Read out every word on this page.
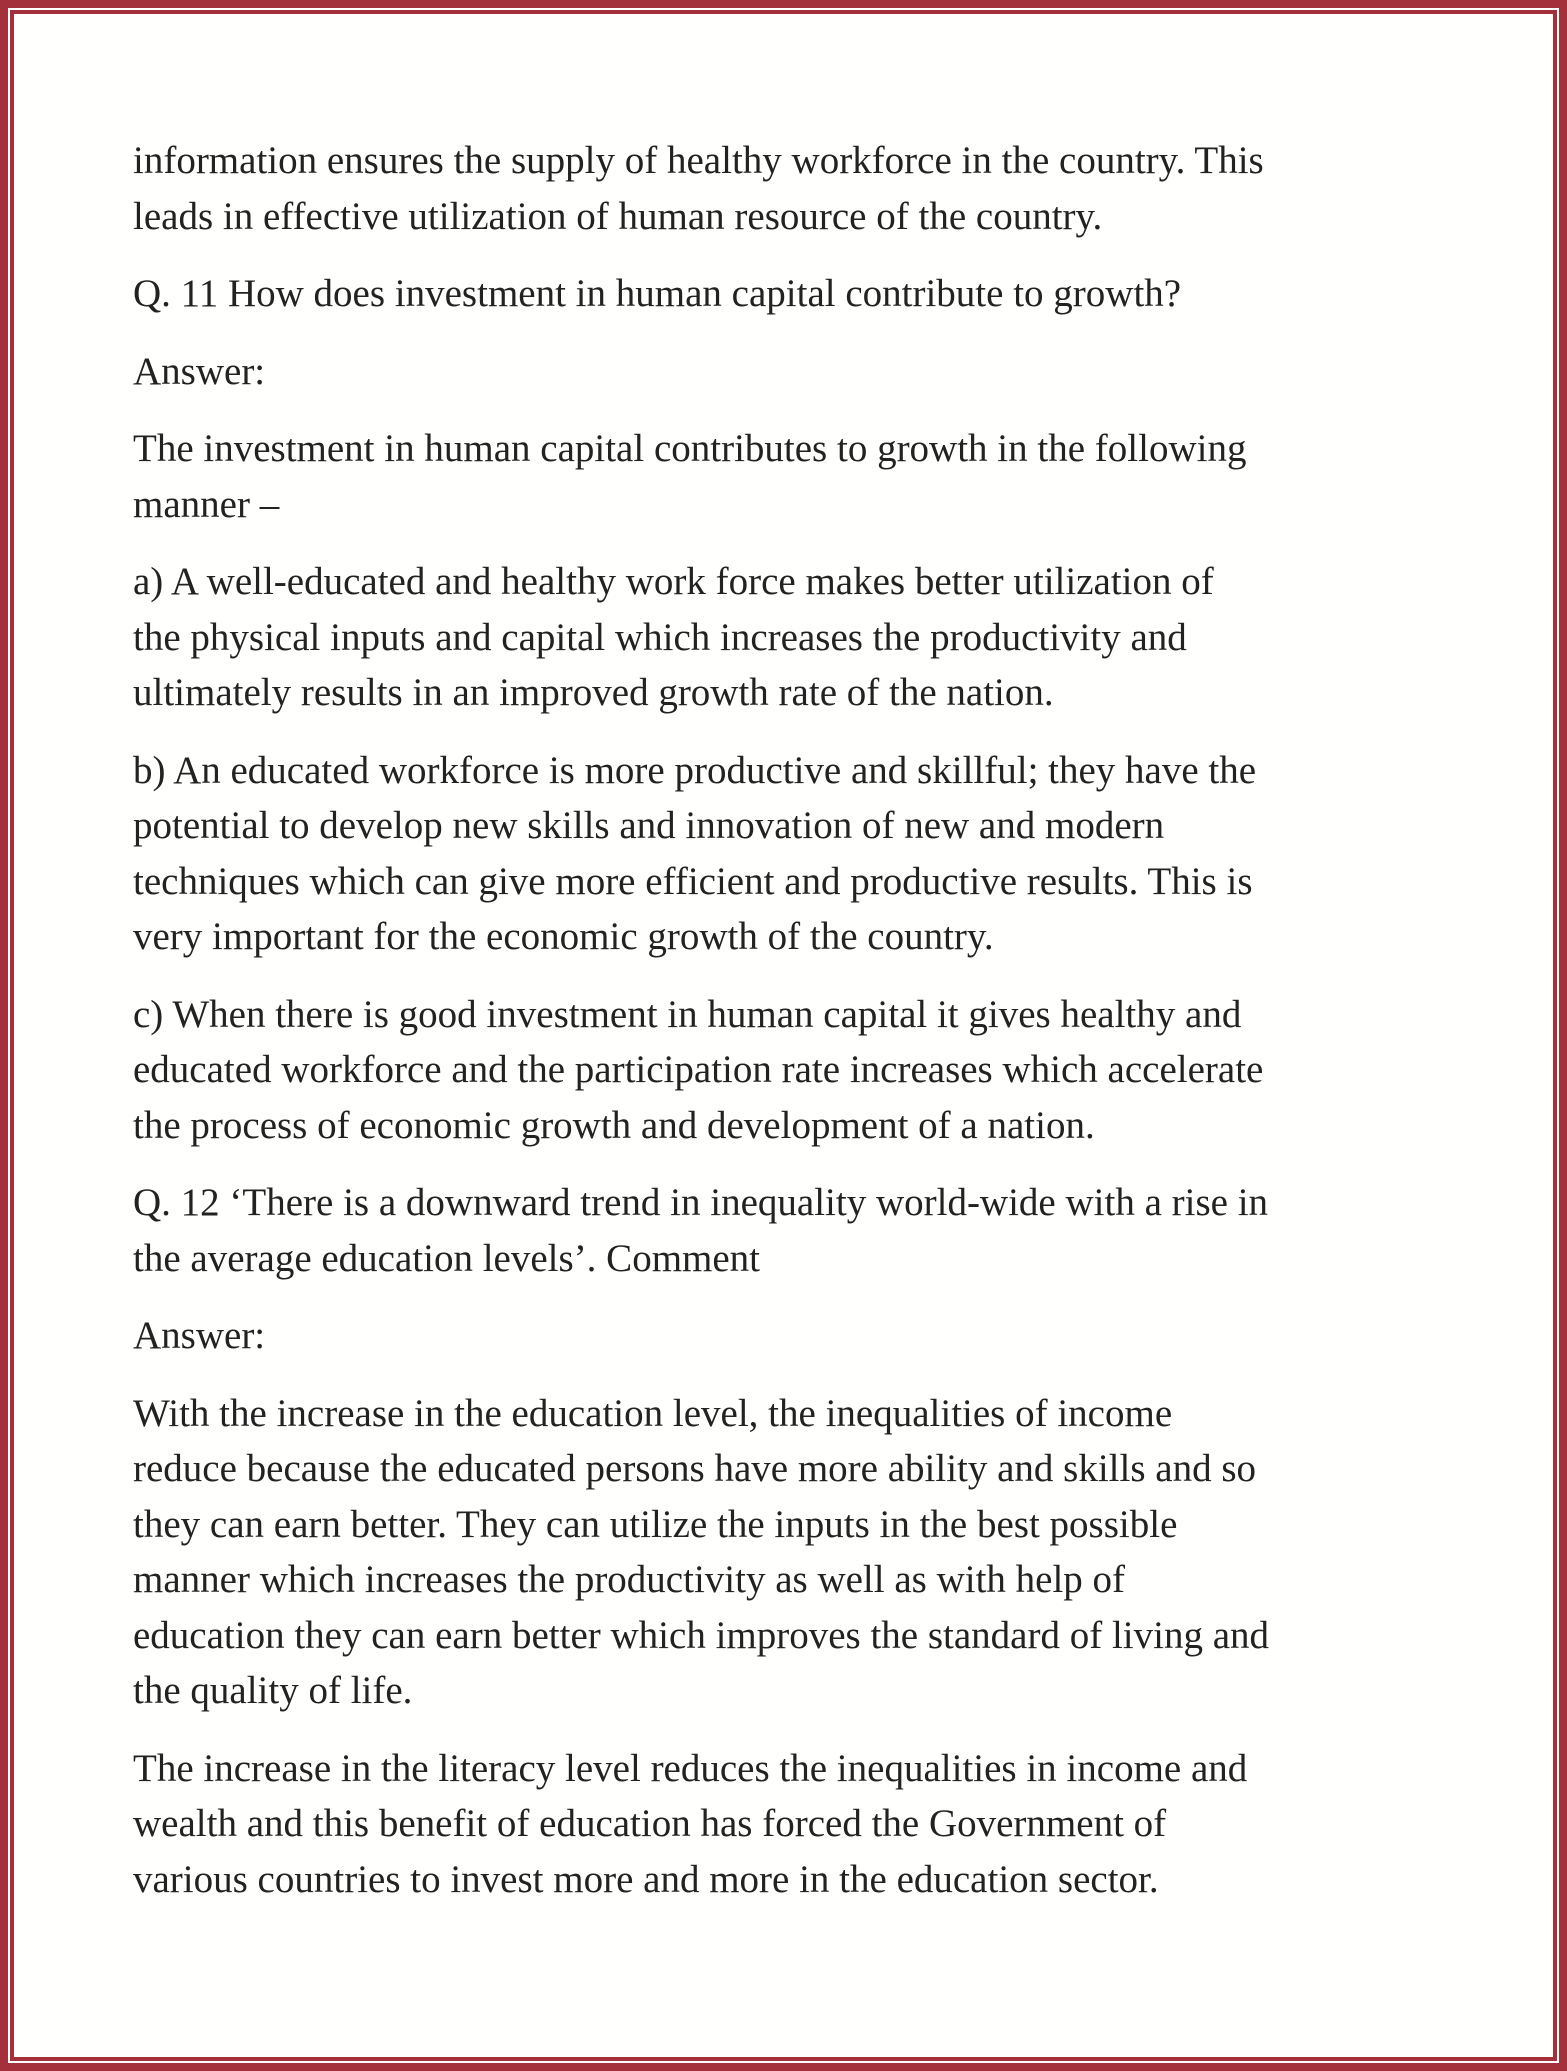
information ensures the supply of healthy workforce in the country. This
leads in effective utilization of human resource of the country.
Q. 11 How does investment in human capital contribute to growth?
Answer:
The investment in human capital contributes to growth in the following
manner –
a) A well-educated and healthy work force makes better utilization of
the physical inputs and capital which increases the productivity and
ultimately results in an improved growth rate of the nation.
b) An educated workforce is more productive and skillful; they have the
potential to develop new skills and innovation of new and modern
techniques which can give more efficient and productive results. This is
very important for the economic growth of the country.
c) When there is good investment in human capital it gives healthy and
educated workforce and the participation rate increases which accelerate
the process of economic growth and development of a nation.
Q. 12 ‘There is a downward trend in inequality world-wide with a rise in
the average education levels’. Comment
Answer:
With the increase in the education level, the inequalities of income
reduce because the educated persons have more ability and skills and so
they can earn better. They can utilize the inputs in the best possible
manner which increases the productivity as well as with help of
education they can earn better which improves the standard of living and
the quality of life.
The increase in the literacy level reduces the inequalities in income and
wealth and this benefit of education has forced the Government of
various countries to invest more and more in the education sector.
